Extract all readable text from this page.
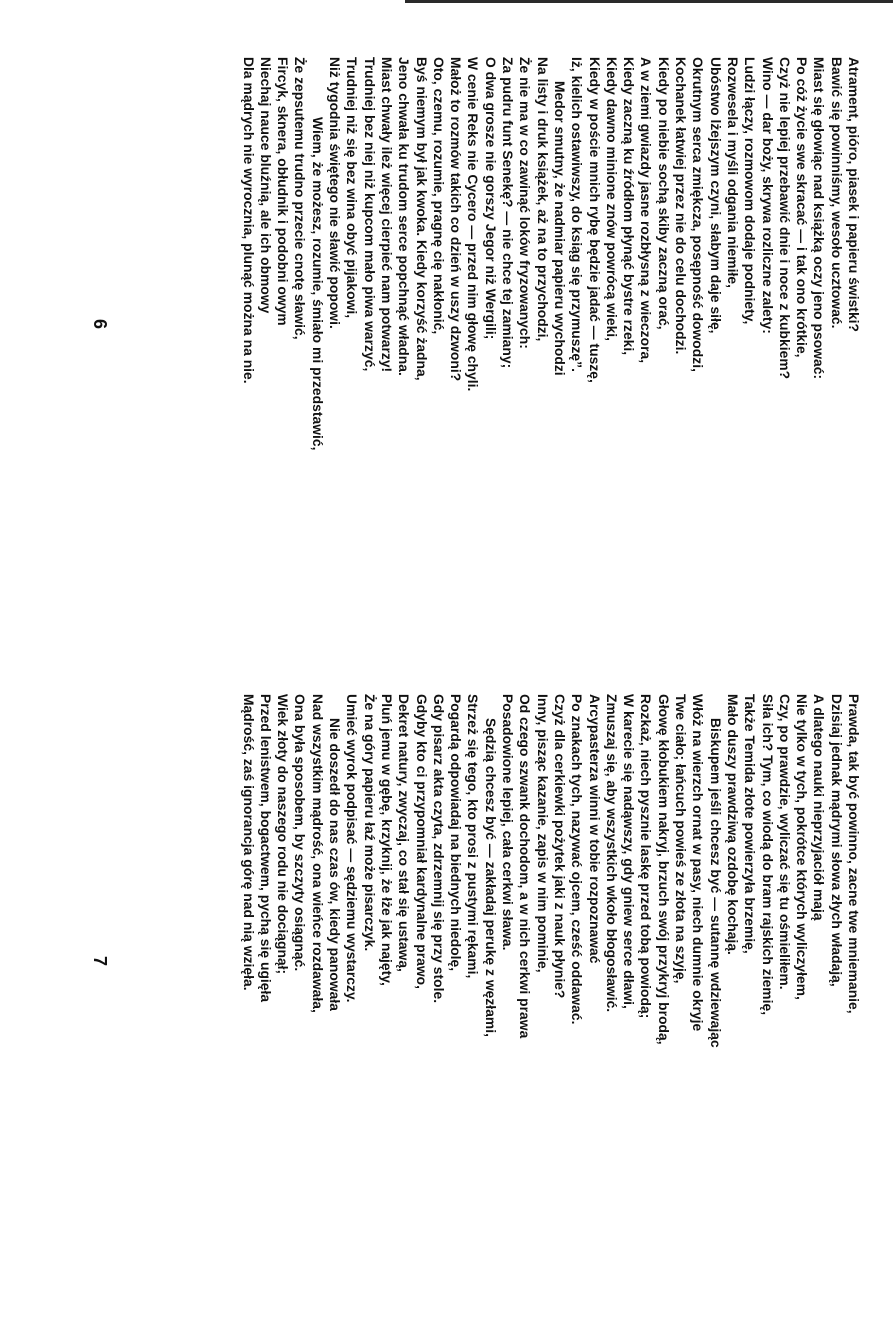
Atrament, pióro, piasek i papieru świstki?
Bawić się powinniśmy, wesoło ucztować.
Miast się głowiąc nad książką oczy jeno psować:
Po cóż życie swe skracać — i tak ono krótkie,
Czyż nie lepiej przebawić dnie i noce z kubkiem?
Wino — dar boży, skrywa rozliczne zalety:
Ludzi łączy, rozmowom dodaje podniety,
Rozwesela i myśli odgania niemiłe,
Ubóstwo lżejszym czyni, słabym daje siłę,
Okrutnym serca zmiękcza, posępność dowodzi,
Kochanek łatwiej przez nie do celu dochodzi.
Kiedy po niebie sochą skiby zaczną orać,
A w ziemi gwiazdy jasne rozbłysną z wieczora,
Kiedy zaczną ku źródłom płynąć bystre rzeki,
Kiedy dawno minione znów powrócą wieki,
Kiedy w poście mnich rybę będzie jadać — tuszę,
Iż, kielich ostawiwszy, do ksiąg się przymuszę”.
Medor smutny, że nadmiar papieru wychodzi
Na listy i druk książek, aż na to przychodzi,
Że nie ma w co zawinąć loków fryzowanych:
Za pudru funt Senekę? — nie chce tej zamiany;
O dwa grosze nie gorszy Jegor niż Wergili;
W cenie Reks nie Cycero — przed nim głowę chyli.
Małoż to rozmów takich co dzień w uszy dzwoni?
Oto, czemu, rozumie, pragnę cię nakłonić,
Byś niemym był jak kwoka. Kiedy korzyść żadna,
Jeno chwała ku trudom serce popchnąć władna.
Miast chwały ileż więcej cierpieć nam potwarzy!
Trudniej bez niej niż kupcom mało piwa warzyć,
Trudniej niż się bez wina obyć pijakowi,
Niż tygodnia świętego nie sławić popowi.
Wiem, że możesz, rozumie, śmiało mi przedstawić,
Że zepsutemu trudno przecie cnotę sławić,
Fircyk, sknera, obłudnik i podobni owym
Niechaj nauce bluźnią, ale ich obmowy
Dla mądrych nie wyrocznia, plunąć można na nie.
6
Prawda, tak być powinno, zacne twe mniemanie,
Dzisiaj jednak mądrymi słowa złych władają,
A dlatego nauki nieprzyjaciół mają
Nie tylko w tych, pokrótce których wyliczyłem,
Czy, po prawdzie, wyliczać się tu ośmieliłem.
Siła ich? Tym, co wiodą do bram rajskich ziemię,
Także Temida złote powierzyła brzemię,
Mało duszy prawdziwą ozdobę kochają.
Biskupem jeśli chcesz być — sutannę wdziewając
Włóż na wierzch ornat w pasy, niech dumnie okryje
Twe ciało; łańcuch powieś ze złota na szyję,
Głowę kłobukiem nakryj, brzuch swój przykryj brodą,
Rozkaż, niech pysznie laskę przed tobą powiodą;
W karecie się nadąwszy, gdy gniew serce dławi,
Zmuszaj się, aby wszystkich wkoło błogosławić.
Arcypasterza winni w tobie rozpoznawać
Po znakach tych, nazywać ojcem, cześć oddawać.
Czyż dla cerkiewki pożytek jaki z nauk płynie?
Inny, pisząc kazanie, zapis w nim pominie,
Od czego szwank dochodom, a w nich cerkwi prawa
Posadowione lepiej, cała cerkwi sława.
Sędzią chcesz być — zakładaj perukę z węzłami,
Strzeż się tego, kto prosi z pustymi rękami,
Pogardą odpowiadaj na biednych niedolę,
Gdy pisarz akta czyta, zdrzemnij się przy stole.
Gdyby kto ci przypomniał kardynalne prawo,
Dekret natury, zwyczaj, co stał się ustawą,
Pluń jemu w gębę, krzyknij, że łże jak najęty,
Że na góry papieru łaź może pisarczyk.
Umieć wyrok podpisać — sędziemu wystarczy.
Nie doszedł do nas czas ów, kiedy panowała
Nad wszystkim mądrość, ona wieńce rozdawała,
Ona była sposobem, by szczyty osiągnąć.
Wiek złoty do naszego rodu nie dociągnął;
Przed lenistwem, bogactwem, pychą się ugięła
Mądrość, zaś ignorancja górę nad nią wzięła.
7
